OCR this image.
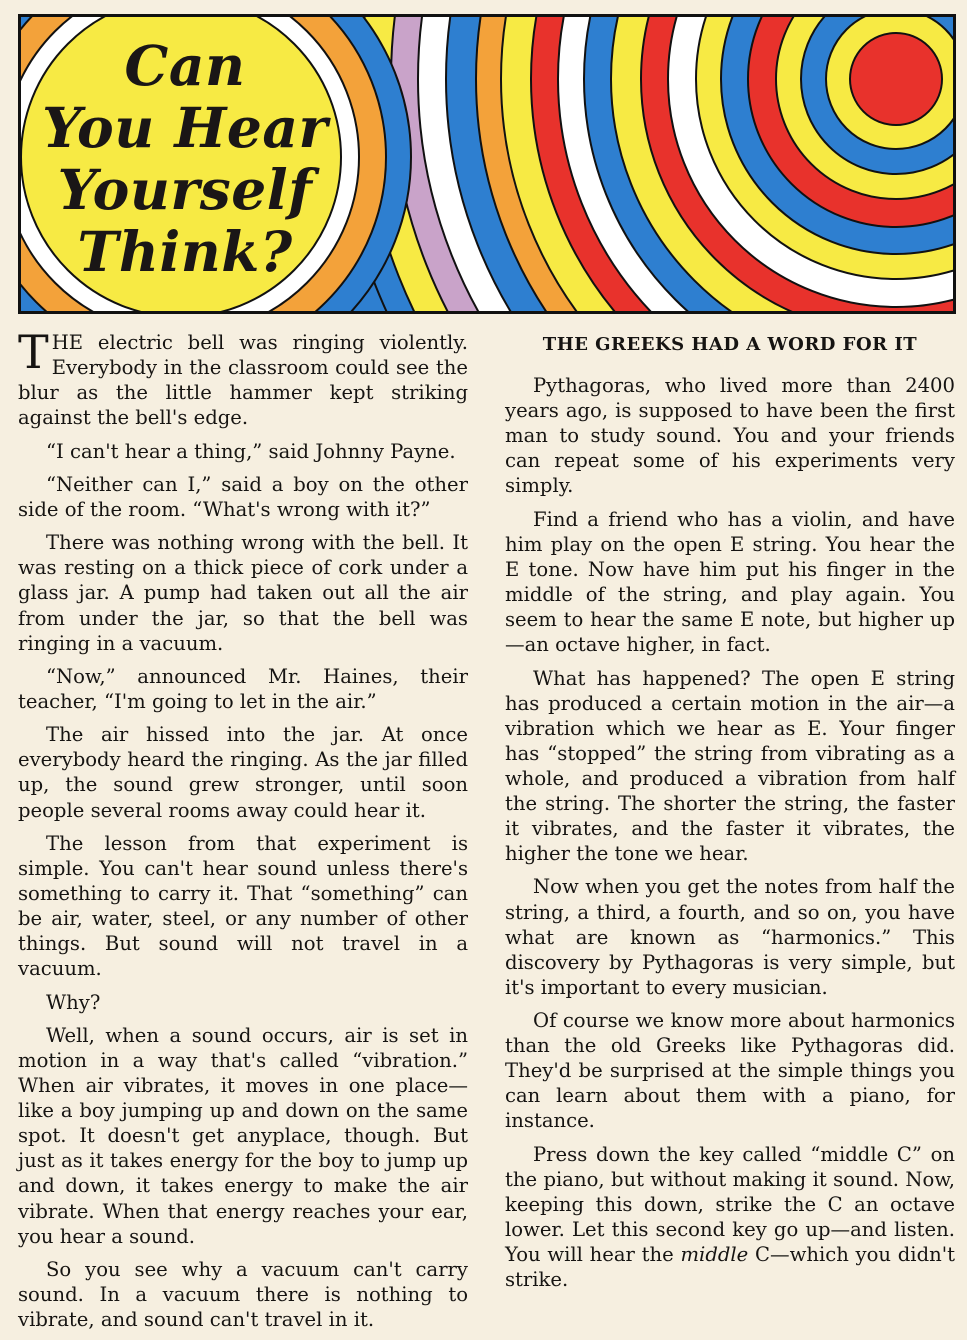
Can
You Hear
Yourself
Think?

THE electric bell was ringing violently. Everybody in the classroom could see the blur as the little hammer kept striking against the bell's edge.

“I can't hear a thing,” said Johnny Payne.

“Neither can I,” said a boy on the other side of the room. “What's wrong with it?”

There was nothing wrong with the bell. It was resting on a thick piece of cork under a glass jar. A pump had taken out all the air from under the jar, so that the bell was ringing in a vacuum.

“Now,” announced Mr. Haines, their teacher, “I'm going to let in the air.”

The air hissed into the jar. At once everybody heard the ringing. As the jar filled up, the sound grew stronger, until soon people several rooms away could hear it.

The lesson from that experiment is simple. You can't hear sound unless there's something to carry it. That “something” can be air, water, steel, or any number of other things. But sound will not travel in a vacuum.

Why?

Well, when a sound occurs, air is set in motion in a way that's called “vibration.” When air vibrates, it moves in one place—like a boy jumping up and down on the same spot. It doesn't get anyplace, though. But just as it takes energy for the boy to jump up and down, it takes energy to make the air vibrate. When that energy reaches your ear, you hear a sound.

So you see why a vacuum can't carry sound. In a vacuum there is nothing to vibrate, and sound can't travel in it.

THE GREEKS HAD A WORD FOR IT

Pythagoras, who lived more than 2400 years ago, is supposed to have been the first man to study sound. You and your friends can repeat some of his experiments very simply.

Find a friend who has a violin, and have him play on the open E string. You hear the E tone. Now have him put his finger in the middle of the string, and play again. You seem to hear the same E note, but higher up —an octave higher, in fact.

What has happened? The open E string has produced a certain motion in the air—a vibration which we hear as E. Your finger has “stopped” the string from vibrating as a whole, and produced a vibration from half the string. The shorter the string, the faster it vibrates, and the faster it vibrates, the higher the tone we hear.

Now when you get the notes from half the string, a third, a fourth, and so on, you have what are known as “harmonics.” This discovery by Pythagoras is very simple, but it's important to every musician.

Of course we know more about harmonics than the old Greeks like Pythagoras did. They'd be surprised at the simple things you can learn about them with a piano, for instance.

Press down the key called “middle C” on the piano, but without making it sound. Now, keeping this down, strike the C an octave lower. Let this second key go up—and listen. You will hear the middle C—which you didn't strike.
